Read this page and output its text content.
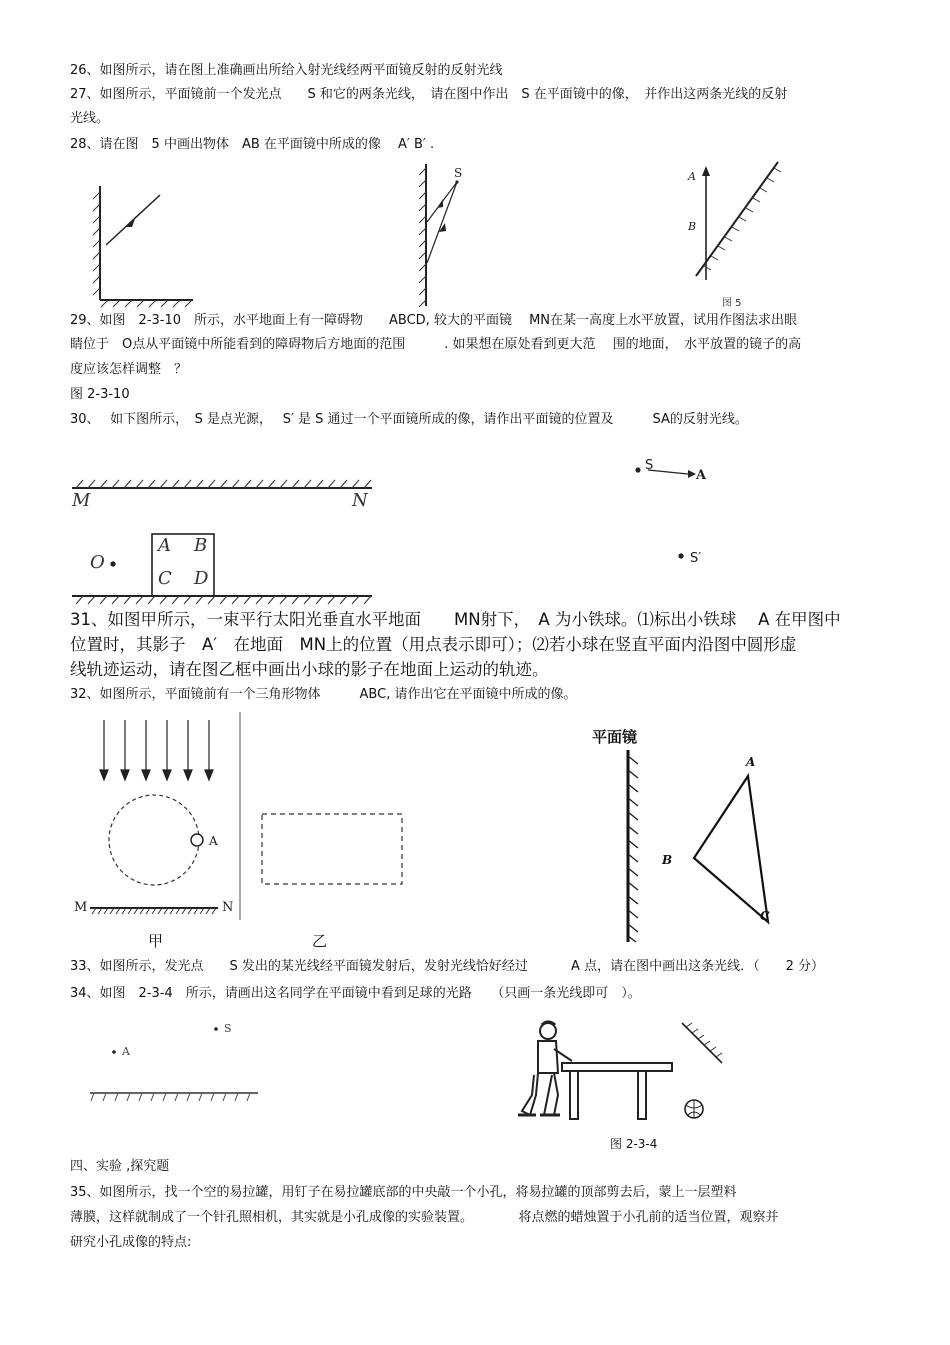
26、如图所示，请在图上准确画出所给入射光线经两平面镜反射的反射光线
27、如图所示，平面镜前一个发光点　　S 和它的两条光线，　请在图中作出　S 在平面镜中的像，　并作出这两条光线的反射
光线。
28、请在图　5 中画出物体　AB 在平面镜中所成的像　 A′ B′ .
29、如图　2-3-10　所示，水平地面上有一障碍物　　ABCD, 较大的平面镜　 MN在某一高度上水平放置，试用作图法求出眼
睛位于　O点从平面镜中所能看到的障碍物后方地面的范围　　　. 如果想在原处看到更大范　 围的地面，　水平放置的镜子的高
度应该怎样调整　？
图 2-3-10
30、　 如下图所示，　S 是点光源，　 S′ 是 S 通过一个平面镜所成的像，请作出平面镜的位置及　　　SA的反射光线。
31、如图甲所示，一束平行太阳光垂直水平地面　　MN射下，　A 为小铁球。⑴标出小铁球　 A 在甲图中
位置时，其影子　A′　在地面　MN上的位置（用点表示即可）；⑵若小球在竖直平面内沿图中圆形虚
线轨迹运动，请在图乙框中画出小球的影子在地面上运动的轨迹。
32、如图所示，平面镜前有一个三角形物体　　　ABC, 请作出它在平面镜中所成的像。
33、如图所示，发光点　　S 发出的某光线经平面镜发射后，发射光线恰好经过　　　 A 点，请在图中画出这条光线．（　　2 分）
34、如图　2-3-4　所示，请画出这名同学在平面镜中看到足球的光路　　（只画一条光线即可　）。
四、实验 ,探究题
35、如图所示，找一个空的易拉罐，用钉子在易拉罐底部的中央敲一个小孔，将易拉罐的顶部剪去后，蒙上一层塑料
薄膜，这样就制成了一个针孔照相机，其实就是小孔成像的实验装置。　　　　将点燃的蜡烛置于小孔前的适当位置，观察并
研究小孔成像的特点:
S	A
B
图 5
M	N
O
A B
C D
S
A
S′
A
M	N
甲	乙
平面镜
A
B
C
S
A
图 2-3-4
